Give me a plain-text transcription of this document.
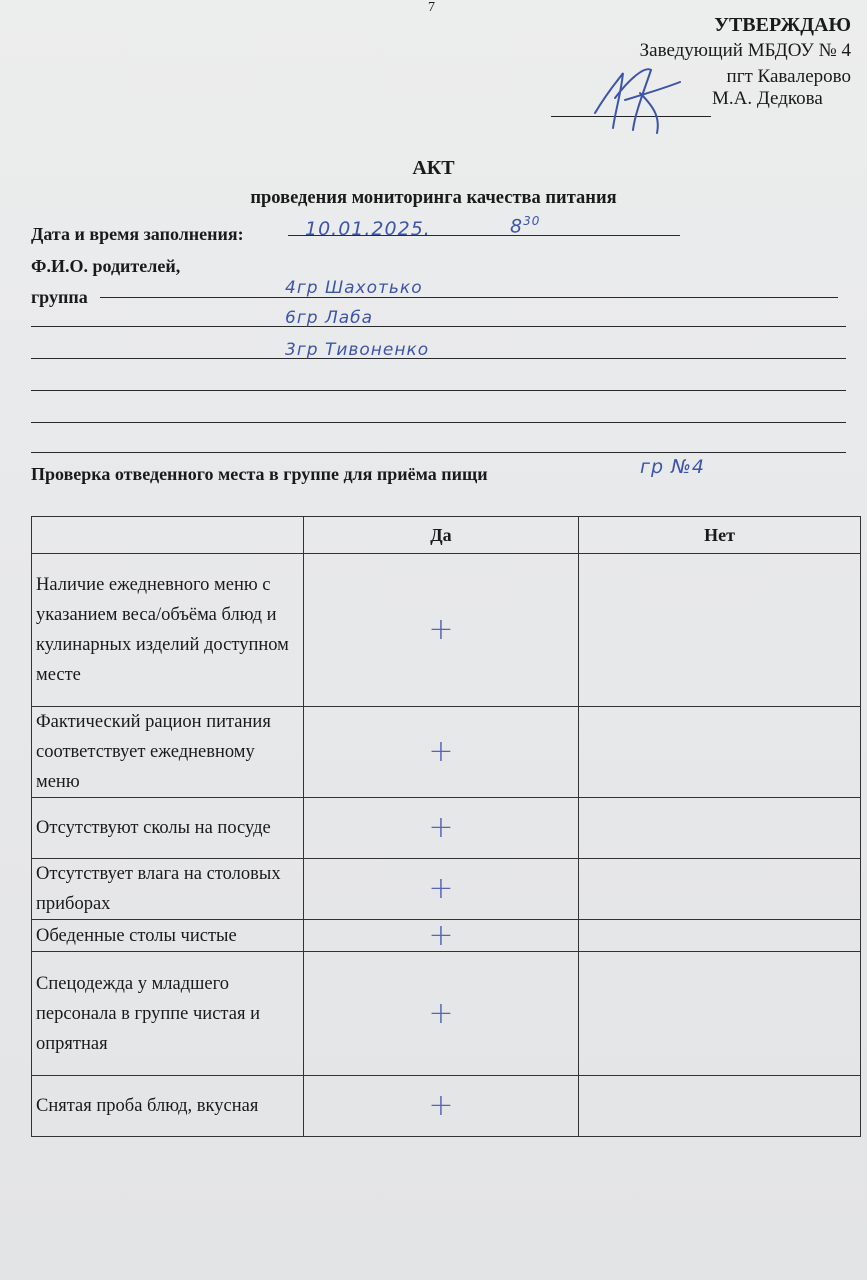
7
УТВЕРЖДАЮ
Заведующий МБДОУ № 4
пгт Кавалерово
М.А. Дедкова
АКТ
проведения мониторинга качества питания
Дата и время заполнения:	10.01.2025.	$8^{30}$
Ф.И.О. родителей,
группа	4гр Шахотько
6гр Лаба
3гр Тивоненко
Проверка отведенного места в группе для приёма пищи	гр №4
	Да	Нет
Наличие ежедневного меню с указанием веса/объёма блюд и кулинарных изделий доступном месте	+	
Фактический рацион питания соответствует ежедневному меню	+	
Отсутствуют сколы на посуде	+	
Отсутствует влага на столовых приборах	+	
Обеденные столы чистые	+	
Спецодежда у младшего персонала в группе чистая и опрятная	+	
Снятая проба блюд, вкусная	+	
